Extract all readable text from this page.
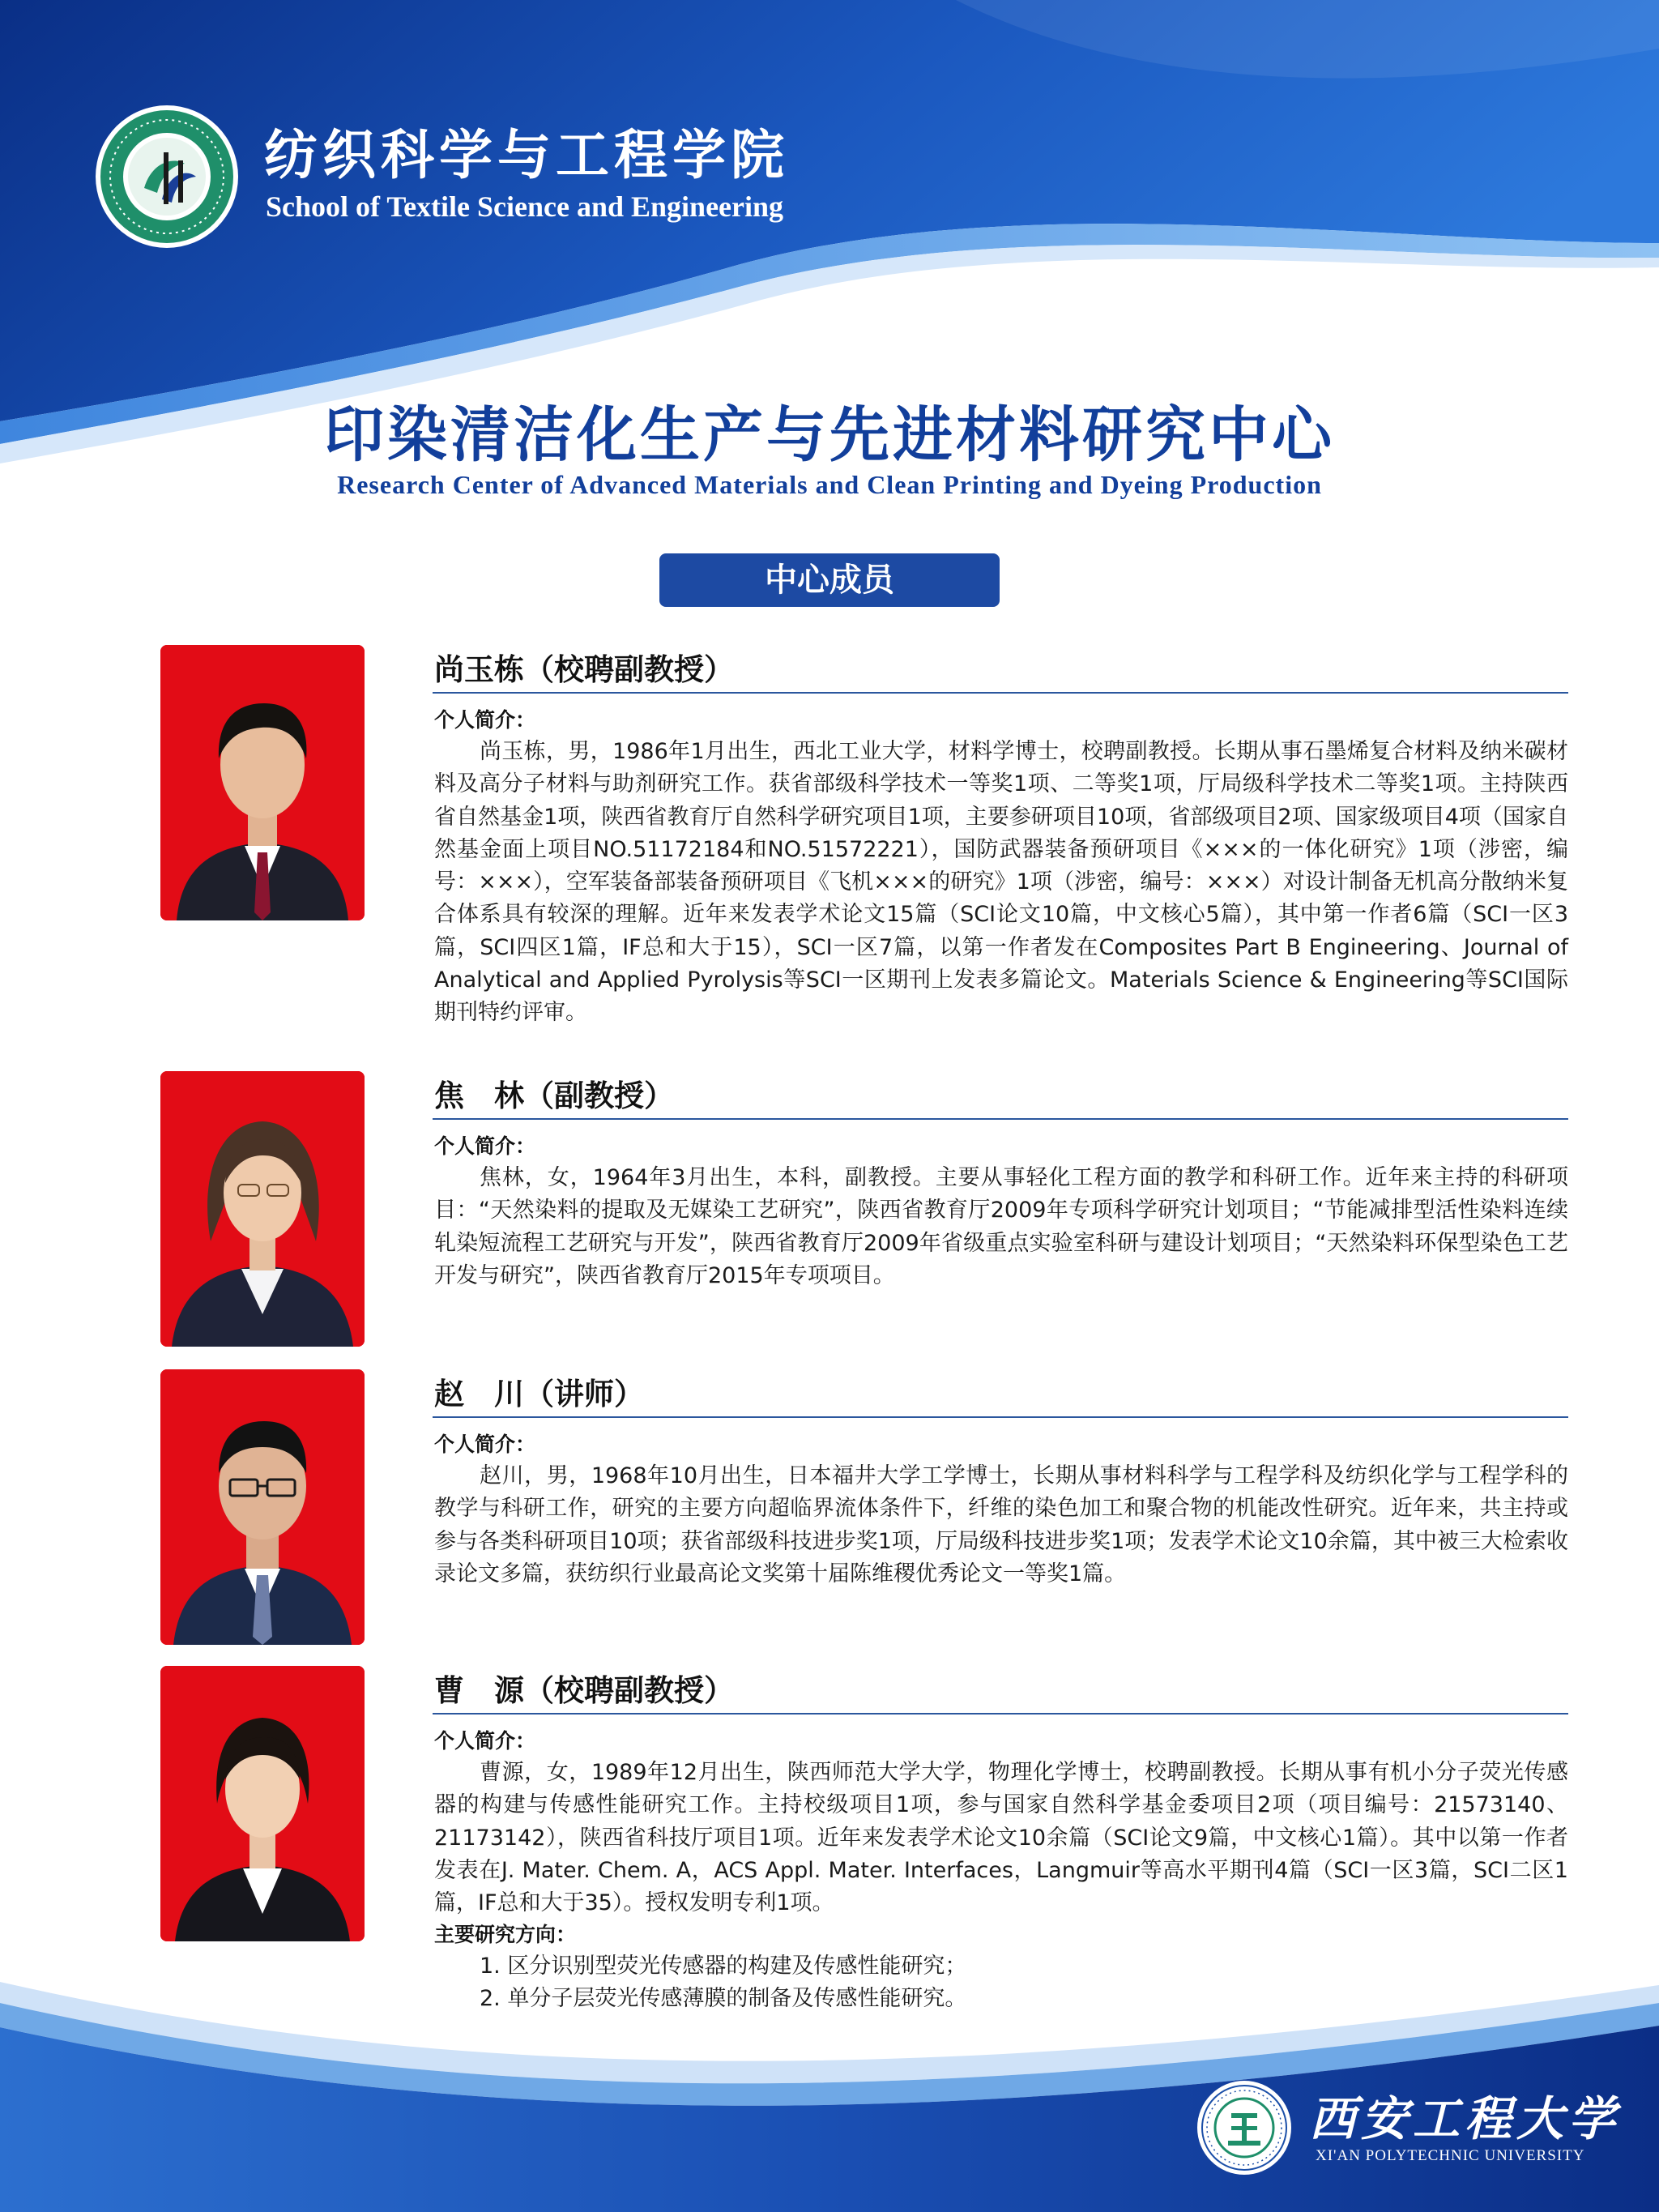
纺织科学与工程学院
School of Textile Science and Engineering
印染清洁化生产与先进材料研究中心
Research Center of Advanced Materials and Clean Printing and Dyeing Production
中心成员
尚玉栋（校聘副教授）
个人简介：

尚玉栋，男，1986年1月出生，西北工业大学，材料学博士，校聘副教授。长期从事石墨烯复合材料及纳米碳材料及高分子材料与助剂研究工作。获省部级科学技术一等奖1项、二等奖1项，厅局级科学技术二等奖1项。主持陕西省自然基金1项，陕西省教育厅自然科学研究项目1项，主要参研项目10项，省部级项目2项、国家级项目4项（国家自然基金面上项目NO.51172184和NO.51572221），国防武器装备预研项目《×××的一体化研究》1项（涉密，编号：×××），空军装备部装备预研项目《飞机×××的研究》1项（涉密，编号：×××）对设计制备无机高分散纳米复合体系具有较深的理解。近年来发表学术论文15篇（SCI论文10篇，中文核心5篇），其中第一作者6篇（SCI一区3篇，SCI四区1篇，IF总和大于15），SCI一区7篇，以第一作者发在Composites Part B Engineering、Journal of Analytical and Applied Pyrolysis等SCI一区期刊上发表多篇论文。Materials Science & Engineering等SCI国际期刊特约评审。

焦　林（副教授）
个人简介：

焦林，女，1964年3月出生，本科，副教授。主要从事轻化工程方面的教学和科研工作。近年来主持的科研项目：“天然染料的提取及无媒染工艺研究”，陕西省教育厅2009年专项科学研究计划项目；“节能减排型活性染料连续轧染短流程工艺研究与开发”，陕西省教育厅2009年省级重点实验室科研与建设计划项目；“天然染料环保型染色工艺开发与研究”，陕西省教育厅2015年专项项目。

赵　川（讲师）
个人简介：

赵川，男，1968年10月出生，日本福井大学工学博士，长期从事材料科学与工程学科及纺织化学与工程学科的教学与科研工作，研究的主要方向超临界流体条件下，纤维的染色加工和聚合物的机能改性研究。近年来，共主持或参与各类科研项目10项；获省部级科技进步奖1项，厅局级科技进步奖1项；发表学术论文10余篇，其中被三大检索收录论文多篇，获纺织行业最高论文奖第十届陈维稷优秀论文一等奖1篇。

曹　源（校聘副教授）
个人简介：

曹源，女，1989年12月出生，陕西师范大学大学，物理化学博士，校聘副教授。长期从事有机小分子荧光传感器的构建与传感性能研究工作。主持校级项目1项，参与国家自然科学基金委项目2项（项目编号：21573140、21173142），陕西省科技厅项目1项。近年来发表学术论文10余篇（SCI论文9篇，中文核心1篇）。其中以第一作者发表在J. Mater. Chem. A，ACS Appl. Mater. Interfaces，Langmuir等高水平期刊4篇（SCI一区3篇，SCI二区1篇，IF总和大于35）。授权发明专利1项。

主要研究方向：
1. 区分识别型荧光传感器的构建及传感性能研究；
2. 单分子层荧光传感薄膜的制备及传感性能研究。
西安工程大学
XI'AN POLYTECHNIC UNIVERSITY
